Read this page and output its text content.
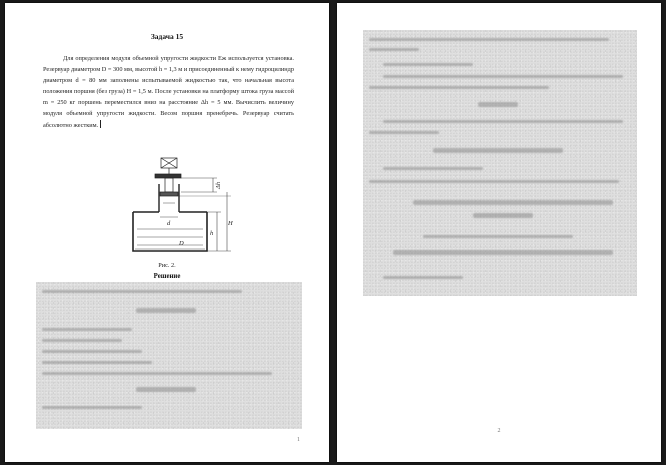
Задача 15
Для определения модуля объемной упругости жидкости Еж используется установка. Резервуар диаметром D = 300 мм, высотой h = 1,3 м и присоединенный к нему гидроцилиндр диаметром d = 80 мм заполнены испытываемой жидкостью так, что начальная высота положения поршня (без груза) H = 1,5 м. После установки на платформу штока груза массой m = 250 кг поршень переместился вниз на расстояние Δh = 5 мм. Вычислить величину модуля объемной упругости жидкости. Весом поршня пренебречь. Резервуар считать абсолютно жестким.
Δh
d
D
H
h
Рис. 2.
Решение
1
2
